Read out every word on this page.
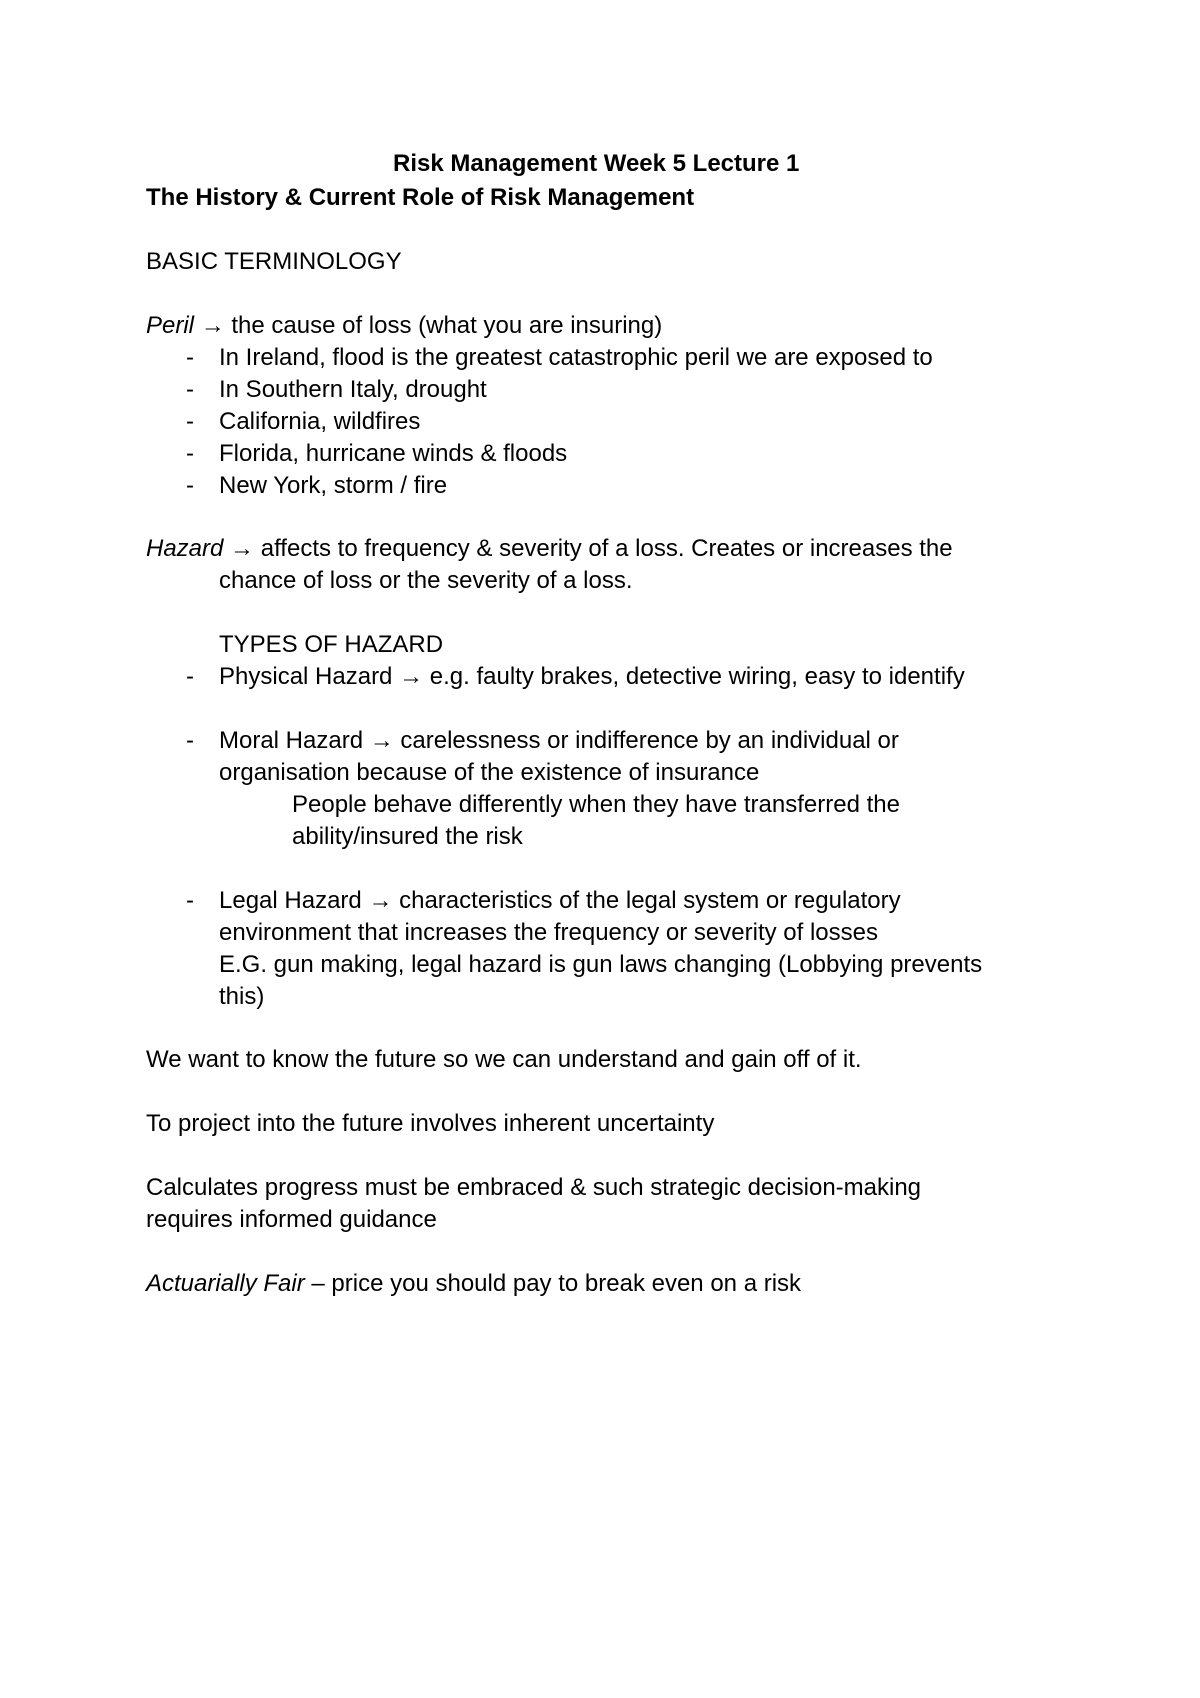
Risk Management Week 5 Lecture 1

The History & Current Role of Risk Management

BASIC TERMINOLOGY

Peril → the cause of loss (what you are insuring)

- In Ireland, flood is the greatest catastrophic peril we are exposed to

- In Southern Italy, drought

- California, wildfires

- Florida, hurricane winds & floods

- New York, storm / fire

Hazard → affects to frequency & severity of a loss. Creates or increases the

chance of loss or the severity of a loss.

TYPES OF HAZARD

- Physical Hazard → e.g. faulty brakes, detective wiring, easy to identify

- Moral Hazard → carelessness or indifference by an individual or

organisation because of the existence of insurance

People behave differently when they have transferred the

ability/insured the risk

- Legal Hazard → characteristics of the legal system or regulatory

environment that increases the frequency or severity of losses

E.G. gun making, legal hazard is gun laws changing (Lobbying prevents

this)

We want to know the future so we can understand and gain off of it.

To project into the future involves inherent uncertainty

Calculates progress must be embraced & such strategic decision-making

requires informed guidance

Actuarially Fair – price you should pay to break even on a risk
